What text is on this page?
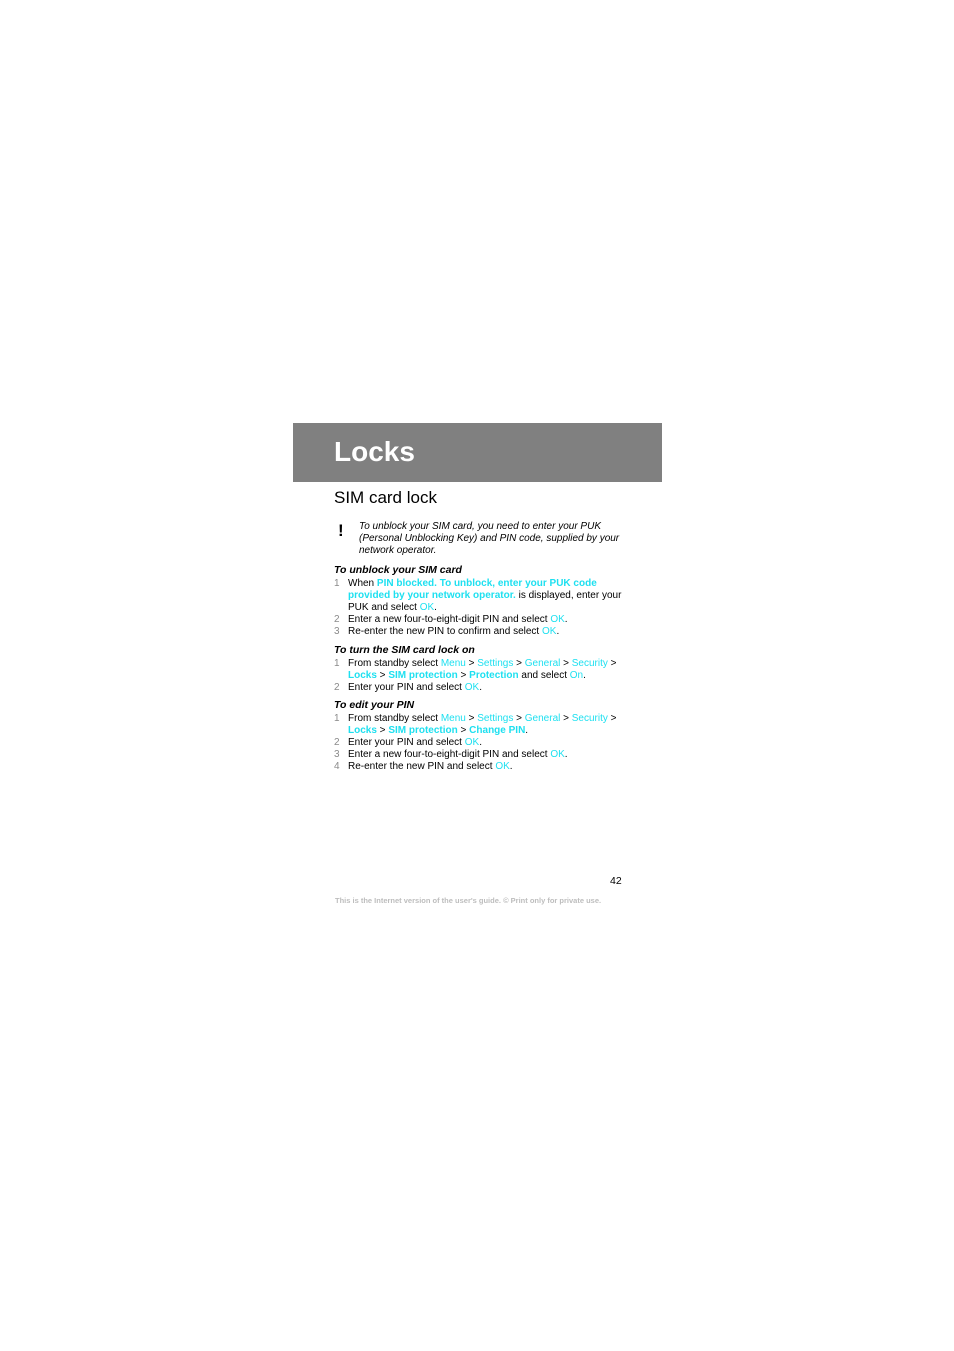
Locks
SIM card lock
! To unblock your SIM card, you need to enter your PUK (Personal Unblocking Key) and PIN code, supplied by your network operator.

To unblock your SIM card

1 When PIN blocked. To unblock, enter your PUK code provided by your network operator. is displayed, enter your PUK and select OK.
2 Enter a new four-to-eight-digit PIN and select OK.
3 Re-enter the new PIN to confirm and select OK.

To turn the SIM card lock on

1 From standby select Menu > Settings > General > Security > Locks > SIM protection > Protection and select On.
2 Enter your PIN and select OK.

To edit your PIN

1 From standby select Menu > Settings > General > Security > Locks > SIM protection > Change PIN.
2 Enter your PIN and select OK.
3 Enter a new four-to-eight-digit PIN and select OK.
4 Re-enter the new PIN and select OK.
42
This is the Internet version of the user's guide. © Print only for private use.
